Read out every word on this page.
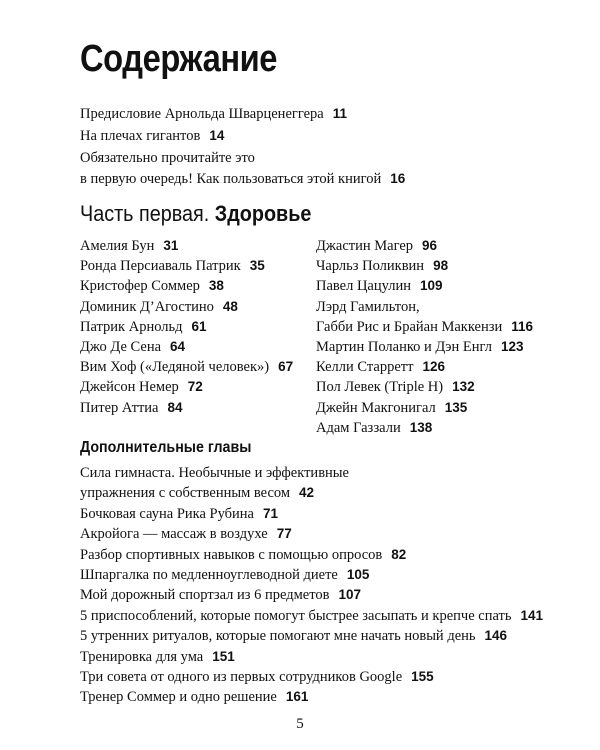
Содержание
Предисловие Арнольда Шварценеггера 11
На плечах гигантов 14
Обязательно прочитайте это
в первую очередь! Как пользоваться этой книгой 16
Часть первая. Здоровье
Амелия Бун 31
Ронда Персиаваль Патрик 35
Кристофер Соммер 38
Доминик Д’Агостино 48
Патрик Арнольд 61
Джо Де Сена 64
Вим Хоф («Ледяной человек») 67
Джейсон Немер 72
Питер Аттиа 84
Джастин Магер 96
Чарльз Поликвин 98
Павел Цацулин 109
Лэрд Гамильтон,
Габби Рис и Брайан Маккензи 116
Мартин Поланко и Дэн Енгл 123
Келли Старретт 126
Пол Левек (Triple H) 132
Джейн Макгонигал 135
Адам Газзали 138
Дополнительные главы
Сила гимнаста. Необычные и эффективные
упражнения с собственным весом 42
Бочковая сауна Рика Рубина 71
Акройога — массаж в воздухе 77
Разбор спортивных навыков с помощью опросов 82
Шпаргалка по медленноуглеводной диете 105
Мой дорожный спортзал из 6 предметов 107
5 приспособлений, которые помогут быстрее засыпать и крепче спать 141
5 утренних ритуалов, которые помогают мне начать новый день 146
Тренировка для ума 151
Три совета от одного из первых сотрудников Google 155
Тренер Соммер и одно решение 161
5
